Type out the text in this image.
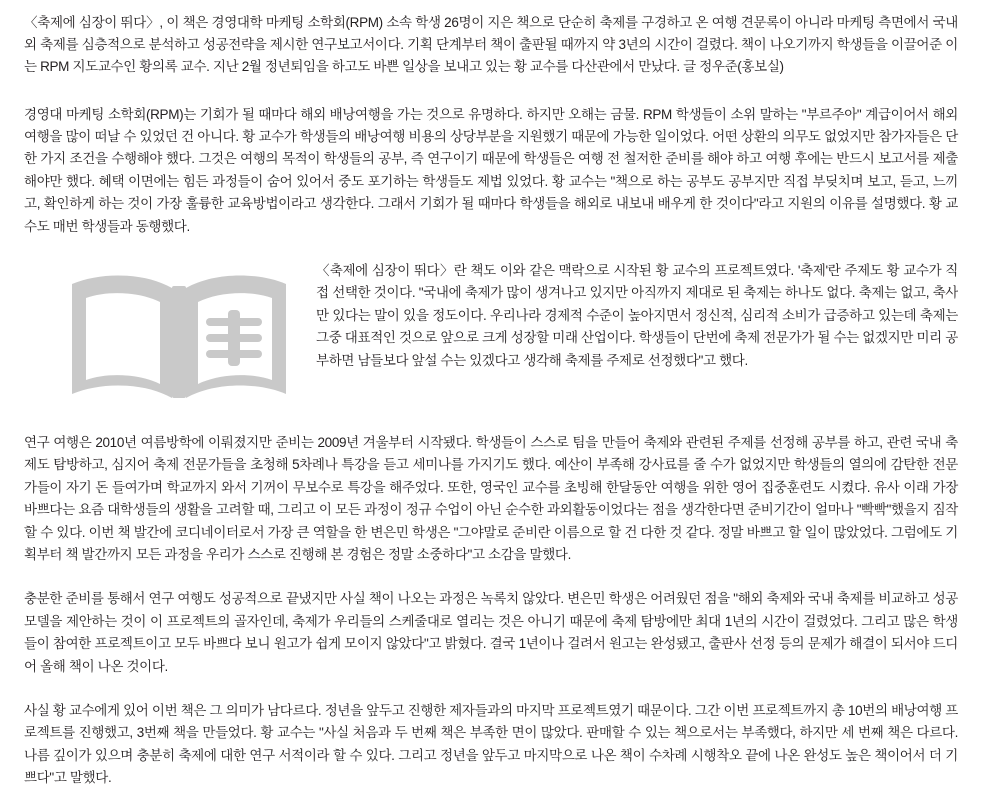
〈축제에 심장이 뛰다〉, 이 책은 경영대학 마케팅 소학회(RPM) 소속 학생 26명이 지은 책으로 단순히 축제를 구경하고 온 여행 견문록이 아니라 마케팅 측면에서 국내외 축제를 심층적으로 분석하고 성공전략을 제시한 연구보고서이다. 기획 단계부터 책이 출판될 때까지 약 3년의 시간이 걸렸다. 책이 나오기까지 학생들을 이끌어준 이는 RPM 지도교수인 황의록 교수. 지난 2월 정년퇴임을 하고도 바쁜 일상을 보내고 있는 황 교수를 다산관에서 만났다. 글 정우준(홍보실)

경영대 마케팅 소학회(RPM)는 기회가 될 때마다 해외 배낭여행을 가는 것으로 유명하다. 하지만 오해는 금물. RPM 학생들이 소위 말하는 "부르주아" 계급이어서 해외여행을 많이 떠날 수 있었던 건 아니다. 황 교수가 학생들의 배낭여행 비용의 상당부분을 지원했기 때문에 가능한 일이었다. 어떤 상환의 의무도 없었지만 참가자들은 단 한 가지 조건을 수행해야 했다. 그것은 여행의 목적이 학생들의 공부, 즉 연구이기 때문에 학생들은 여행 전 철저한 준비를 해야 하고 여행 후에는 반드시 보고서를 제출해야만 했다. 혜택 이면에는 힘든 과정들이 숨어 있어서 중도 포기하는 학생들도 제법 있었다. 황 교수는 "책으로 하는 공부도 공부지만 직접 부딪치며 보고, 듣고, 느끼고, 확인하게 하는 것이 가장 훌륭한 교육방법이라고 생각한다. 그래서 기회가 될 때마다 학생들을 해외로 내보내 배우게 한 것이다"라고 지원의 이유를 설명했다. 황 교수도 매번 학생들과 동행했다.

〈축제에 심장이 뛰다〉란 책도 이와 같은 맥락으로 시작된 황 교수의 프로젝트였다. '축제'란 주제도 황 교수가 직접 선택한 것이다. "국내에 축제가 많이 생겨나고 있지만 아직까지 제대로 된 축제는 하나도 없다. 축제는 없고, 축사만 있다는 말이 있을 정도이다. 우리나라 경제적 수준이 높아지면서 정신적, 심리적 소비가 급증하고 있는데 축제는 그중 대표적인 것으로 앞으로 크게 성장할 미래 산업이다. 학생들이 단번에 축제 전문가가 될 수는 없겠지만 미리 공부하면 남들보다 앞설 수는 있겠다고 생각해 축제를 주제로 선정했다"고 했다.

연구 여행은 2010년 여름방학에 이뤄졌지만 준비는 2009년 겨울부터 시작됐다. 학생들이 스스로 팀을 만들어 축제와 관련된 주제를 선정해 공부를 하고, 관련 국내 축제도 탐방하고, 심지어 축제 전문가들을 초청해 5차례나 특강을 듣고 세미나를 가지기도 했다. 예산이 부족해 강사료를 줄 수가 없었지만 학생들의 열의에 감탄한 전문가들이 자기 돈 들여가며 학교까지 와서 기꺼이 무보수로 특강을 해주었다. 또한, 영국인 교수를 초빙해 한달동안 여행을 위한 영어 집중훈련도 시켰다. 유사 이래 가장 바쁘다는 요즘 대학생들의 생활을 고려할 때, 그리고 이 모든 과정이 정규 수업이 아닌 순수한 과외활동이었다는 점을 생각한다면 준비기간이 얼마나 "빡빡"했을지 짐작할 수 있다. 이번 책 발간에 코디네이터로서 가장 큰 역할을 한 변은민 학생은 "그야말로 준비란 이름으로 할 건 다한 것 같다. 정말 바쁘고 할 일이 많았었다. 그럼에도 기획부터 책 발간까지 모든 과정을 우리가 스스로 진행해 본 경험은 정말 소중하다"고 소감을 말했다.

충분한 준비를 통해서 연구 여행도 성공적으로 끝냈지만 사실 책이 나오는 과정은 녹록치 않았다. 변은민 학생은 어려웠던 점을 "해외 축제와 국내 축제를 비교하고 성공모델을 제안하는 것이 이 프로젝트의 골자인데, 축제가 우리들의 스케줄대로 열리는 것은 아니기 때문에 축제 탐방에만 최대 1년의 시간이 걸렸었다. 그리고 많은 학생들이 참여한 프로젝트이고 모두 바쁘다 보니 원고가 쉽게 모이지 않았다"고 밝혔다. 결국 1년이나 걸려서 원고는 완성됐고, 출판사 선정 등의 문제가 해결이 되서야 드디어 올해 책이 나온 것이다.

사실 황 교수에게 있어 이번 책은 그 의미가 남다르다. 정년을 앞두고 진행한 제자들과의 마지막 프로젝트였기 때문이다. 그간 이번 프로젝트까지 총 10번의 배낭여행 프로젝트를 진행했고, 3번째 책을 만들었다. 황 교수는 "사실 처음과 두 번째 책은 부족한 면이 많았다. 판매할 수 있는 책으로서는 부족했다, 하지만 세 번째 책은 다르다. 나름 깊이가 있으며 충분히 축제에 대한 연구 서적이라 할 수 있다. 그리고 정년을 앞두고 마지막으로 나온 책이 수차례 시행착오 끝에 나온 완성도 높은 책이어서 더 기쁘다"고 말했다.
